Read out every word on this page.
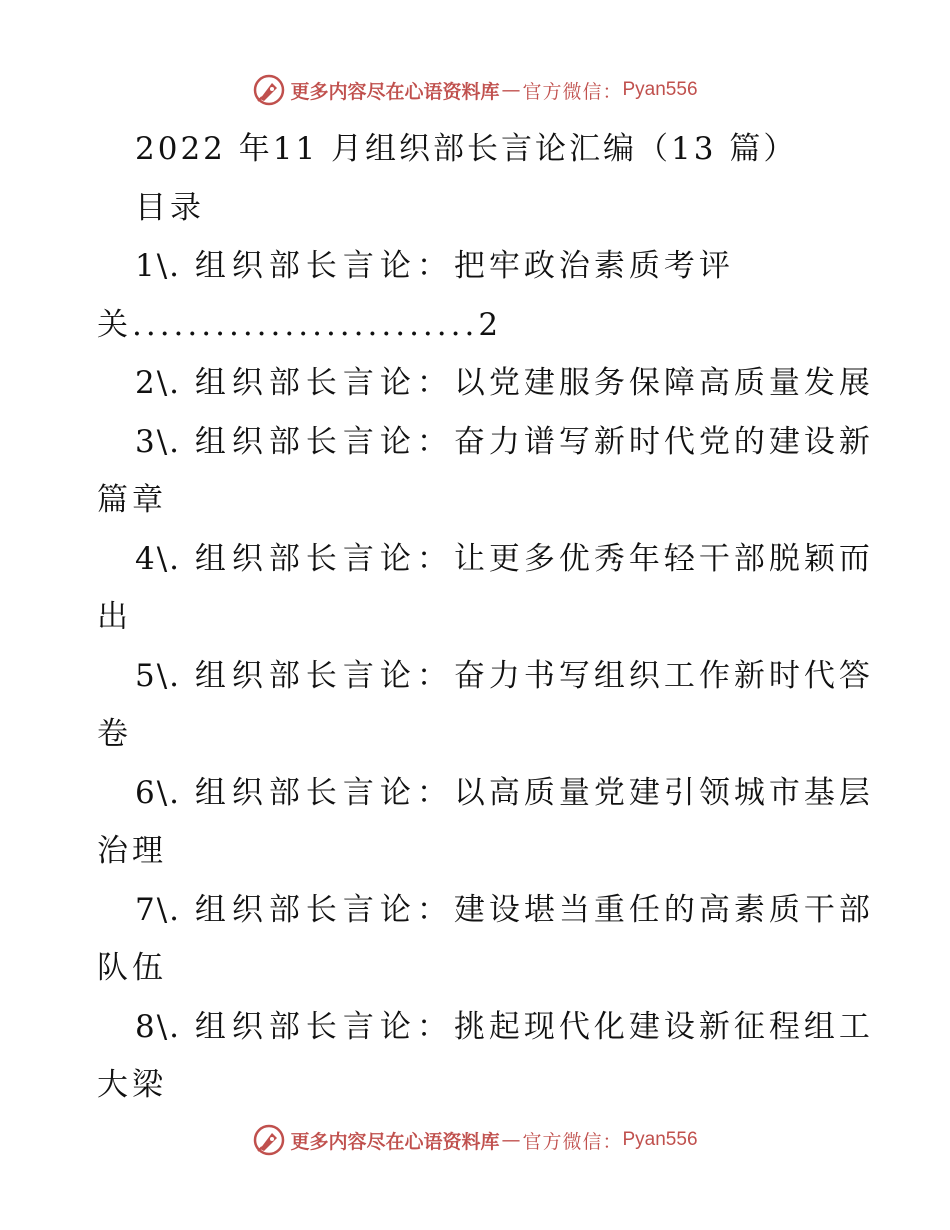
更多内容尽在心语资料库 — 官方微信： Pyan556
2022 年11 月组织部长言论汇编（13 篇）
目录
1\. 组织部长言论：把牢政治素质考评
关.........................2
2\. 组织部长言论：以党建服务保障高质量发展
3\. 组织部长言论：奋力谱写新时代党的建设新
篇章
4\. 组织部长言论：让更多优秀年轻干部脱颖而
出
5\. 组织部长言论：奋力书写组织工作新时代答
卷
6\. 组织部长言论：以高质量党建引领城市基层
治理
7\. 组织部长言论：建设堪当重任的高素质干部
队伍
8\. 组织部长言论：挑起现代化建设新征程组工
大梁
更多内容尽在心语资料库 — 官方微信： Pyan556
